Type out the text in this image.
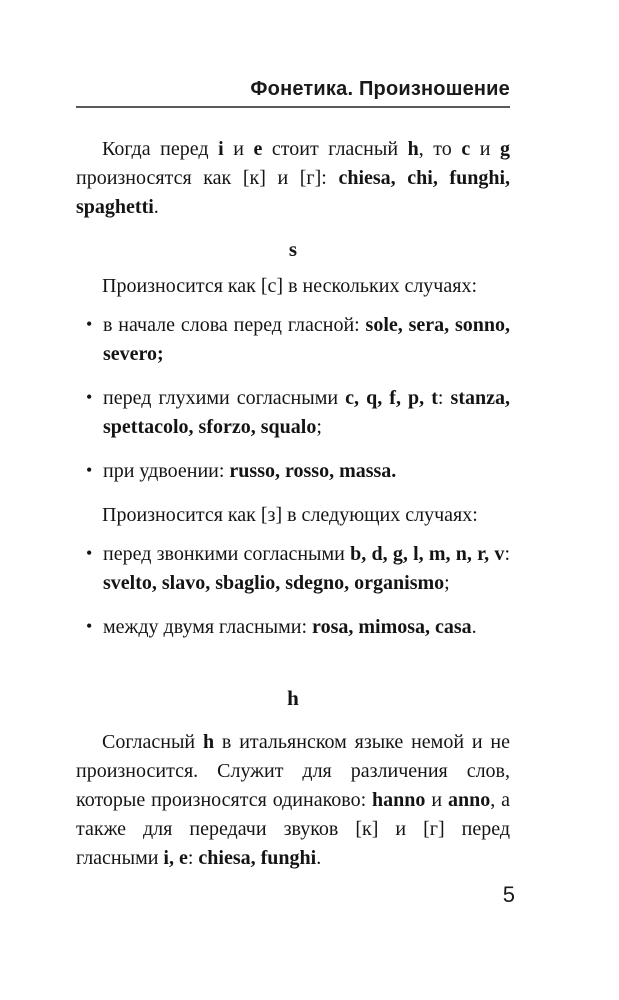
Фонетика. Произношение

Когда перед i и e стоит гласный h, то c и g произносятся как [к] и [г]: chiesa, chi, funghi, spaghetti.

s

Произносится как [с] в нескольких случаях:

• в начале слова перед гласной: sole, sera, sonno, severo;
• перед глухими согласными c, q, f, p, t: stanza, spettacolo, sforzo, squalo;
• при удвоении: russo, rosso, massa.

Произносится как [з] в следующих случаях:

• перед звонкими согласными b, d, g, l, m, n, r, v: svelto, slavo, sbaglio, sdegno, organismo;
• между двумя гласными: rosa, mimosa, casa.

h

Согласный h в итальянском языке немой и не произносится. Служит для различения слов, которые произносятся одинаково: hanno и anno, а также для передачи звуков [к] и [г] перед гласными i, e: chiesa, funghi.

5
